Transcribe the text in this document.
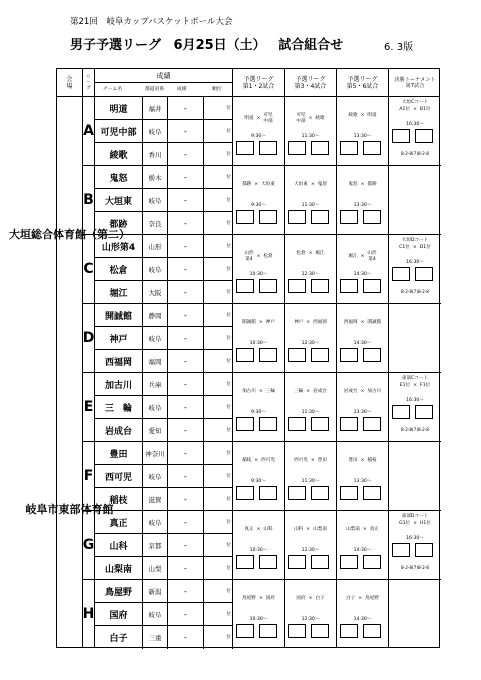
第21回　岐阜カップバスケットボール大会
男子予選リーグ 6月25日（土） 試合組合せ	6. 3版
会
場
リ
ー
グ
成績
チーム名	都道府県	成績	順位
予選リーグ
第1・2試合
予選リーグ
第3・4試合
予選リーグ
第5・6試合
決勝トーナメント
第7試合
大 垣 総 合 体 育 館 （ 第 二 ）
岐 阜 市 東 部 体 育 館
A
明道	福井	-	位
可児中部	岐阜	-	位
綾歌	香川	-	位
明道 ×
可児
中部
9:30〜
可児
中部
× 綾歌
11:30〜
綾歌 × 明道
13:30〜
大垣Cコート
A1位 × B1位
16:30〜
8-2-8(7)8-2-8
B
鬼怒	栃木	-	位
大垣東	岐阜	-	位
都跡	奈良	-	位
都跡 × 大垣東
9:30〜
大垣東 × 鬼怒
11:30〜
鬼怒 × 都跡
13:30〜
C
山形第4	山形	-	位
松倉	岐阜	-	位
堀江	大阪	-	位
山形
第4
× 松倉
10:30〜
松倉 × 堀江
12:30〜
堀江 ×
山形
第4
14:30〜
大垣Dコート
C1位 × D1位
16:30〜
8-2-8(7)8-2-8
D
開誠館	静岡	-	位
神戸	岐阜	-	位
西福岡	福岡	-	位
開誠館 × 神戸
10:30〜
神戸 × 西福岡
12:30〜
西福岡 × 開誠館
14:30〜
E
加古川	兵庫	-	位
三　輪	岐阜	-	位
岩成台	愛知	-	位
加古川 × 三輪
9:30〜
三輪 × 岩成台
11:30〜
岩成台 × 加古川
13:30〜
東部Cコート
E1位 × F1位
16:30〜
8-2-8(7)8-2-8
F
豊田	神奈川	-	位
西可児	岐阜	-	位
稲枝	滋賀	-	位
稲枝 × 西可児
9:30〜
西可児 × 豊田
11:30〜
豊田 × 稲枝
13:30〜
G
真正	岐阜	-	位
山科	京都	-	位
山梨南	山梨	-	位
真正 × 山科
10:30〜
山科 × 山梨南
12:30〜
山梨南 × 真正
14:30〜
東部Dコート
G1位 × H1位
16:30〜
8-2-8(7)8-2-8
H
鳥屋野	新潟	-	位
国府	岐阜	-	位
白子	三重	-	位
鳥屋野 × 国府
10:30〜
国府 × 白子
12:30〜
白子 × 鳥屋野
14:30〜
